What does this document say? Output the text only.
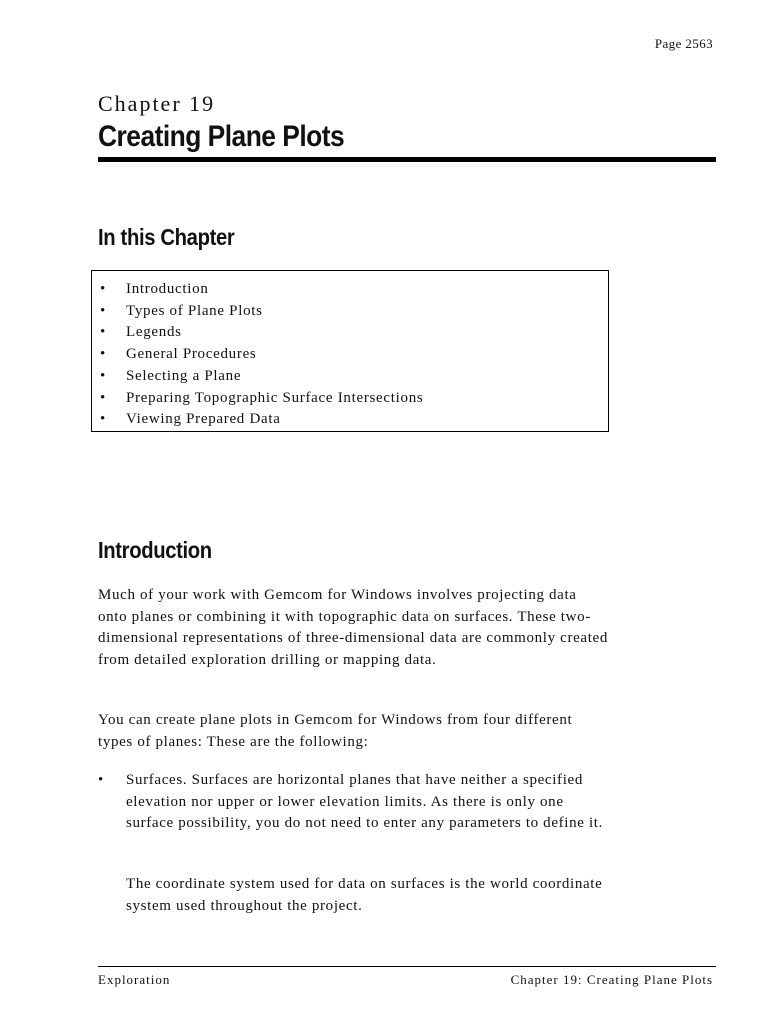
Page 2563
Chapter 19
Creating Plane Plots
In this Chapter
• Introduction
• Types of Plane Plots
• Legends
• General Procedures
• Selecting a Plane
• Preparing Topographic Surface Intersections
• Viewing Prepared Data
Introduction

Much of your work with Gemcom for Windows involves projecting data onto planes or combining it with topographic data on surfaces. These two-dimensional representations of three-dimensional data are commonly created from detailed exploration drilling or mapping data.

You can create plane plots in Gemcom for Windows from four different types of planes: These are the following:

• Surfaces. Surfaces are horizontal planes that have neither a specified elevation nor upper or lower elevation limits. As there is only one surface possibility, you do not need to enter any parameters to define it.

The coordinate system used for data on surfaces is the world coordinate system used throughout the project.

Exploration	Chapter 19: Creating Plane Plots
